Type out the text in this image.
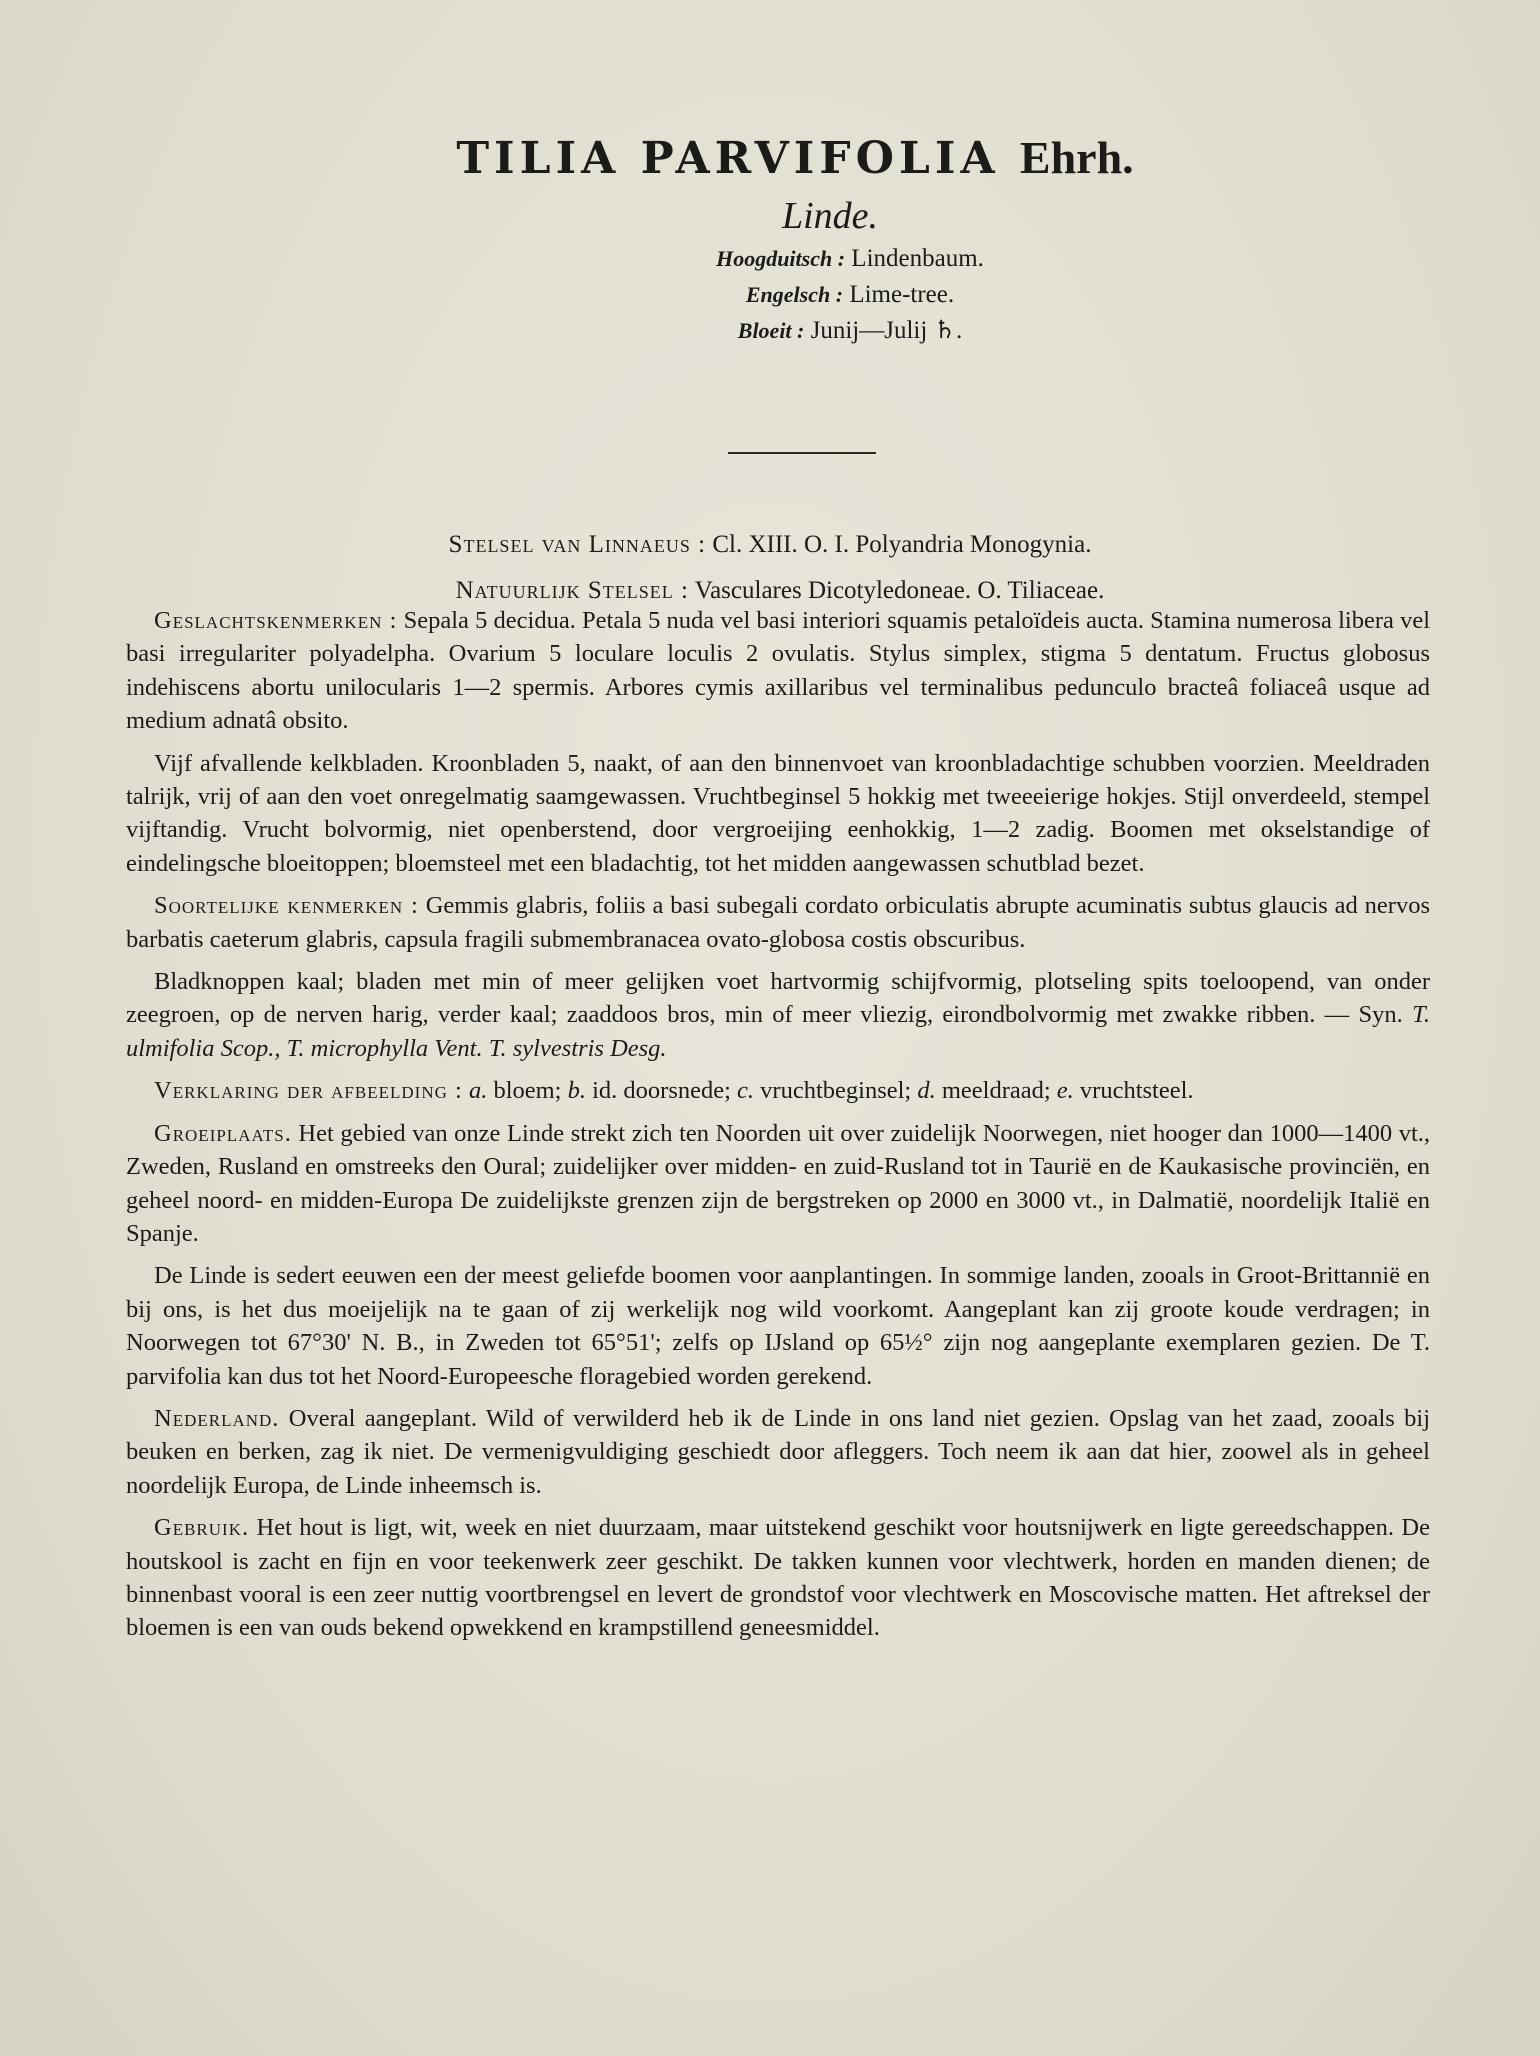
TILIA PARVIFOLIA Ehrh.
Linde.
Hoogduitsch : Lindenbaum.
Engelsch : Lime-tree.
Bloeit : Junij—Julij ♄.
Stelsel van Linnaeus : Cl. XIII. O. I. Polyandria Monogynia.
Natuurlijk Stelsel : Vasculares Dicotyledoneae. O. Tiliaceae.

Geslachtskenmerken : Sepala 5 decidua. Petala 5 nuda vel basi interiori squamis petaloïdeis aucta. Stamina numerosa libera vel basi irregulariter polyadelpha. Ovarium 5 loculare loculis 2 ovulatis. Stylus simplex, stigma 5 dentatum. Fructus globosus indehiscens abortu unilocularis 1—2 spermis. Arbores cymis axillaribus vel terminalibus pedunculo bracteâ foliaceâ usque ad medium adnatâ obsito.

Vijf afvallende kelkbladen. Kroonbladen 5, naakt, of aan den binnenvoet van kroonbladachtige schubben voorzien. Meeldraden talrijk, vrij of aan den voet onregelmatig saamgewassen. Vruchtbeginsel 5 hokkig met tweeeierige hokjes. Stijl onverdeeld, stempel vijftandig. Vrucht bolvormig, niet openberstend, door vergroeijing eenhokkig, 1—2 zadig. Boomen met okselstandige of eindelingsche bloeitoppen; bloemsteel met een bladachtig, tot het midden aangewassen schutblad bezet.

Soortelijke kenmerken : Gemmis glabris, foliis a basi subegali cordato orbiculatis abrupte acuminatis subtus glaucis ad nervos barbatis caeterum glabris, capsula fragili submembranacea ovato-globosa costis obscuribus.

Bladknoppen kaal; bladen met min of meer gelijken voet hartvormig schijfvormig, plotseling spits toeloopend, van onder zeegroen, op de nerven harig, verder kaal; zaaddoos bros, min of meer vliezig, eirondbolvormig met zwakke ribben. — Syn. T. ulmifolia Scop., T. microphylla Vent. T. sylvestris Desg.

Verklaring der afbeelding : a. bloem; b. id. doorsnede; c. vruchtbeginsel; d. meeldraad; e. vruchtsteel.

Groeiplaats. Het gebied van onze Linde strekt zich ten Noorden uit over zuidelijk Noorwegen, niet hooger dan 1000—1400 vt., Zweden, Rusland en omstreeks den Oural; zuidelijker over midden- en zuid-Rusland tot in Taurië en de Kaukasische provinciën, en geheel noord- en midden-Europa De zuidelijkste grenzen zijn de bergstreken op 2000 en 3000 vt., in Dalmatië, noordelijk Italië en Spanje.

De Linde is sedert eeuwen een der meest geliefde boomen voor aanplantingen. In sommige landen, zooals in Groot-Brittannië en bij ons, is het dus moeijelijk na te gaan of zij werkelijk nog wild voorkomt. Aangeplant kan zij groote koude verdragen; in Noorwegen tot 67°30' N. B., in Zweden tot 65°51'; zelfs op IJsland op 65½° zijn nog aangeplante exemplaren gezien. De T. parvifolia kan dus tot het Noord-Europeesche floragebied worden gerekend.

Nederland. Overal aangeplant. Wild of verwilderd heb ik de Linde in ons land niet gezien. Opslag van het zaad, zooals bij beuken en berken, zag ik niet. De vermenigvuldiging geschiedt door afleggers. Toch neem ik aan dat hier, zoowel als in geheel noordelijk Europa, de Linde inheemsch is.

Gebruik. Het hout is ligt, wit, week en niet duurzaam, maar uitstekend geschikt voor houtsnijwerk en ligte gereedschappen. De houtskool is zacht en fijn en voor teekenwerk zeer geschikt. De takken kunnen voor vlechtwerk, horden en manden dienen; de binnenbast vooral is een zeer nuttig voortbrengsel en levert de grondstof voor vlechtwerk en Moscovische matten. Het aftreksel der bloemen is een van ouds bekend opwekkend en krampstillend geneesmiddel.
